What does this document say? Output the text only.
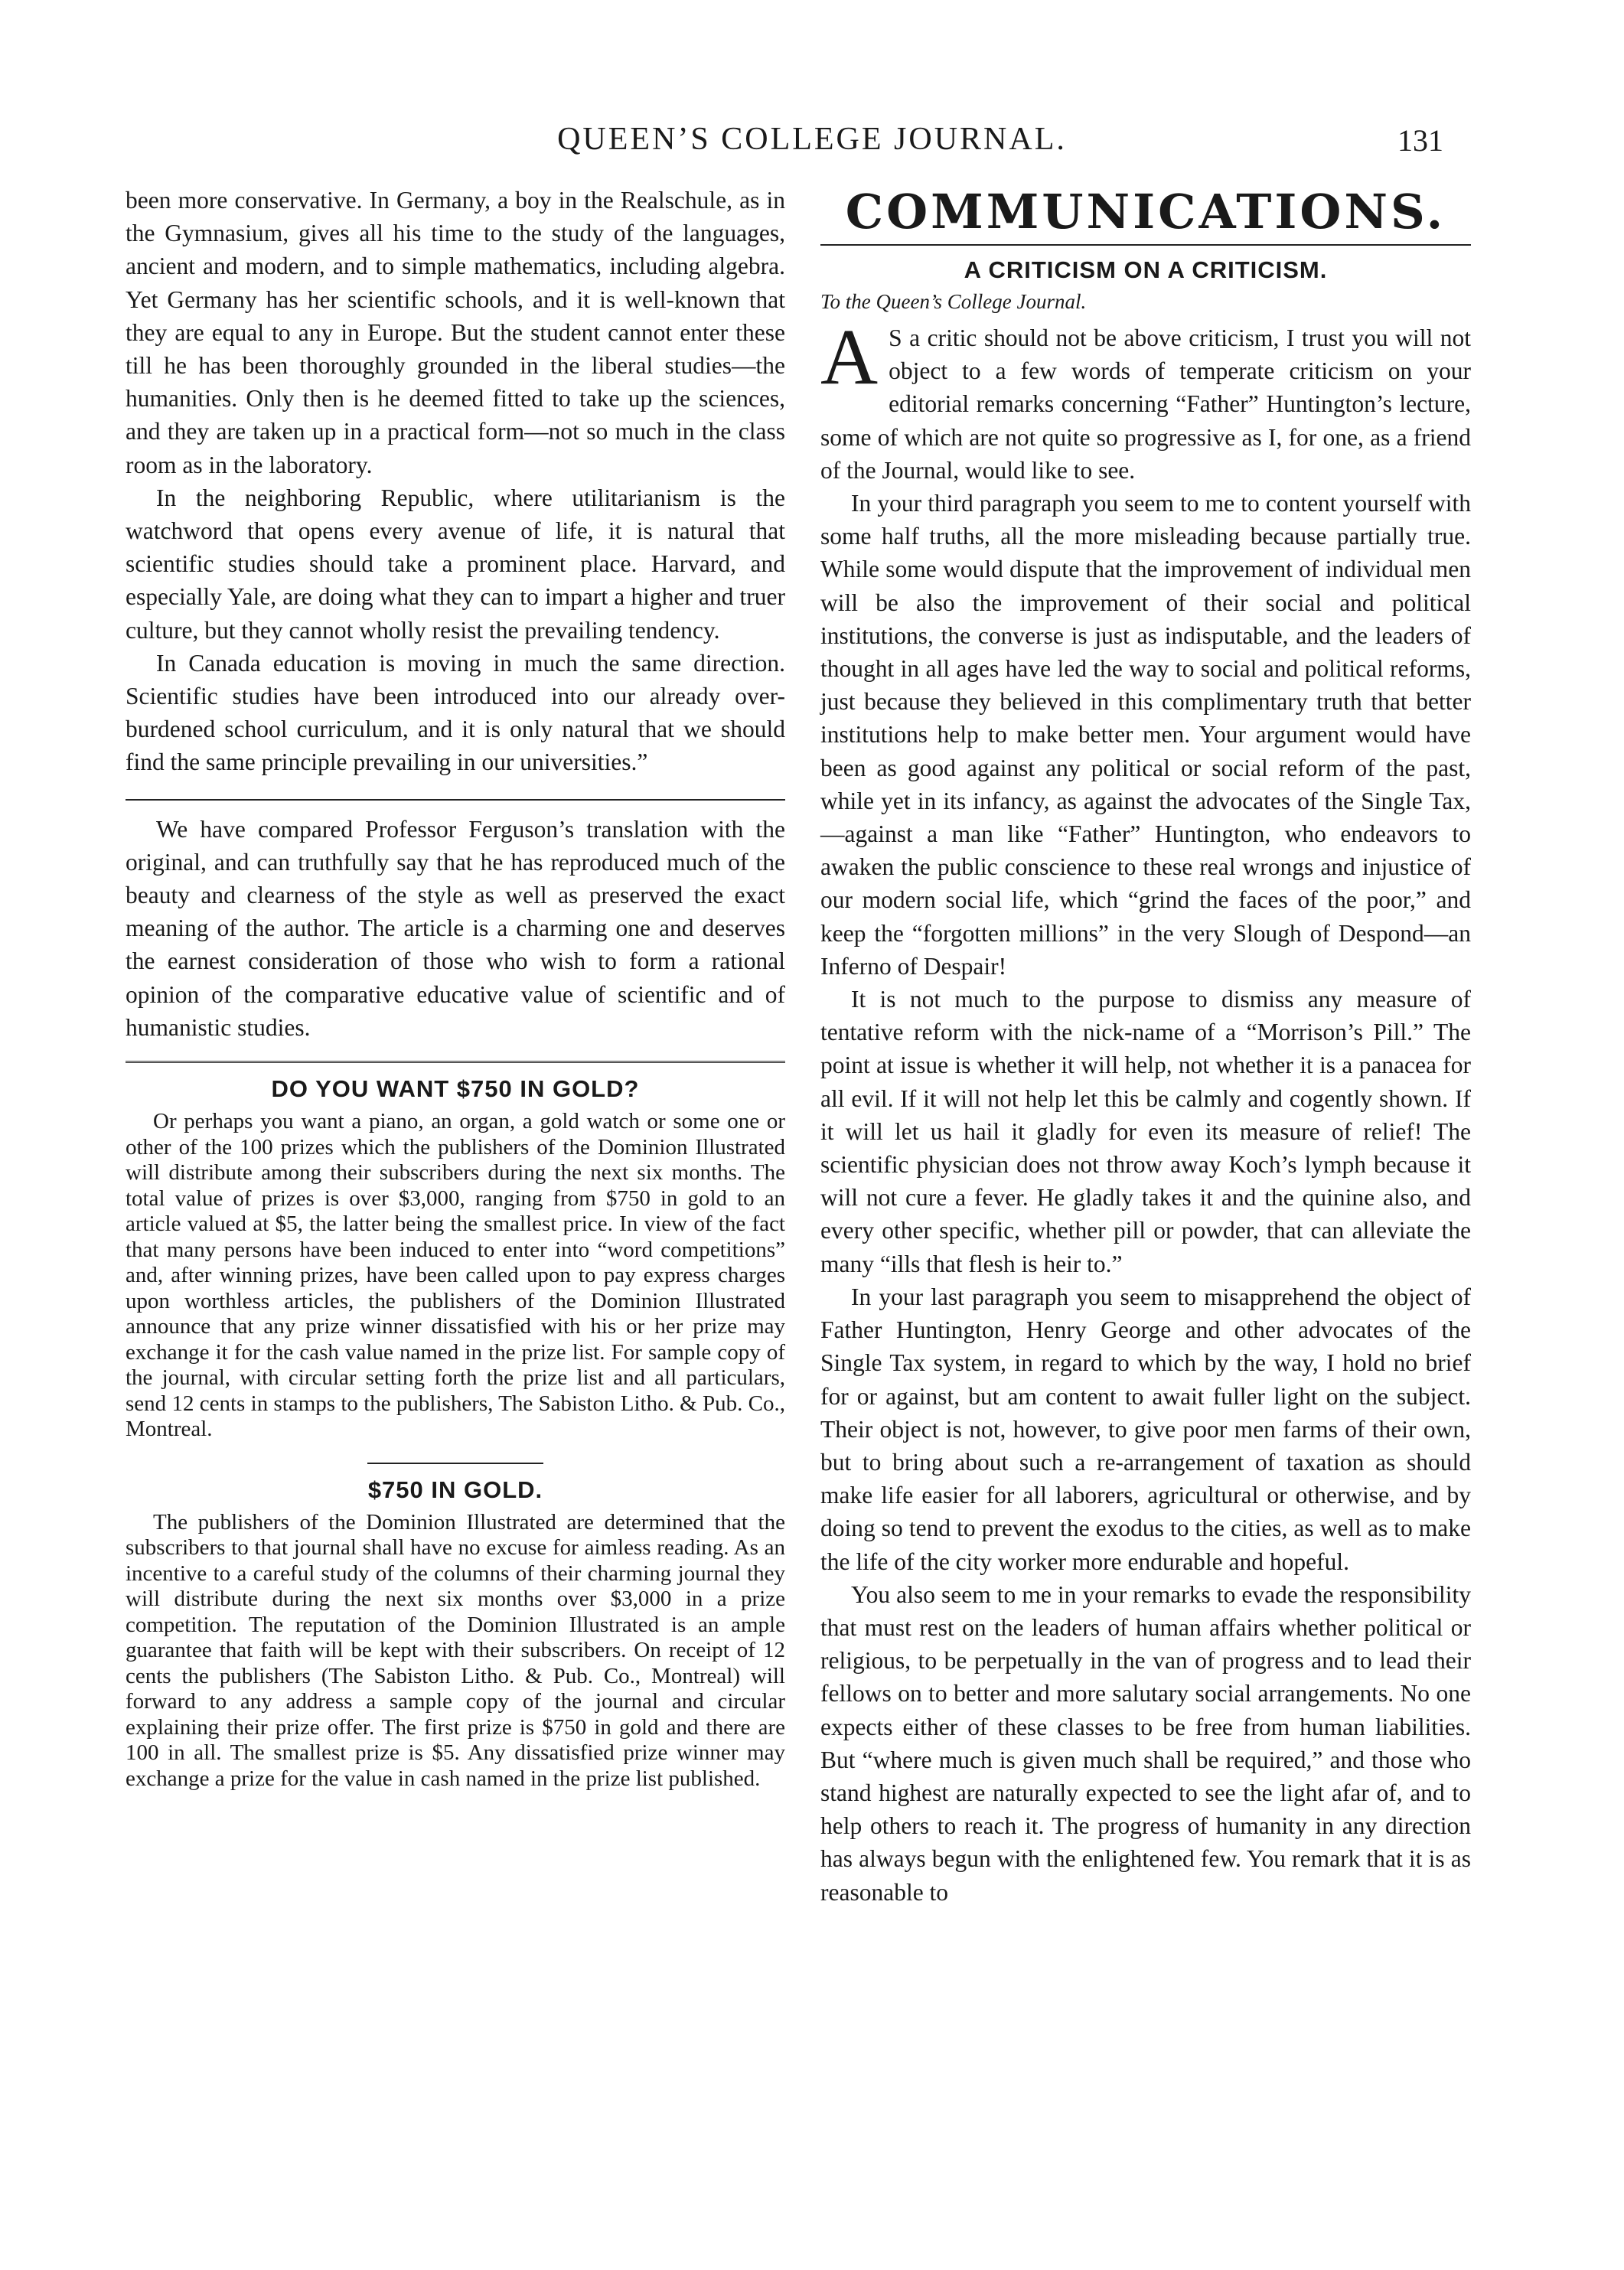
QUEEN’S COLLEGE JOURNAL.	131

been more conservative. In Germany, a boy in the Realschule, as in the Gymnasium, gives all his time to the study of the languages, ancient and modern, and to simple mathematics, including algebra. Yet Germany has her scientific schools, and it is well-known that they are equal to any in Europe. But the student cannot enter these till he has been thoroughly grounded in the liberal studies—the humanities. Only then is he deemed fitted to take up the sciences, and they are taken up in a practical form—not so much in the class room as in the laboratory.

In the neighboring Republic, where utilitarianism is the watchword that opens every avenue of life, it is natural that scientific studies should take a prominent place. Harvard, and especially Yale, are doing what they can to impart a higher and truer culture, but they cannot wholly resist the prevailing tendency.

In Canada education is moving in much the same direction. Scientific studies have been introduced into our already over-burdened school curriculum, and it is only natural that we should find the same principle prevailing in our universities.”

We have compared Professor Ferguson’s translation with the original, and can truthfully say that he has reproduced much of the beauty and clearness of the style as well as preserved the exact meaning of the author. The article is a charming one and deserves the earnest consideration of those who wish to form a rational opinion of the comparative educative value of scientific and of humanistic studies.

DO YOU WANT $750 IN GOLD?

Or perhaps you want a piano, an organ, a gold watch or some one or other of the 100 prizes which the publishers of the Dominion Illustrated will distribute among their subscribers during the next six months. The total value of prizes is over $3,000, ranging from $750 in gold to an article valued at $5, the latter being the smallest price. In view of the fact that many persons have been induced to enter into “word competitions” and, after winning prizes, have been called upon to pay express charges upon worthless articles, the publishers of the Dominion Illustrated announce that any prize winner dissatisfied with his or her prize may exchange it for the cash value named in the prize list. For sample copy of the journal, with circular setting forth the prize list and all particulars, send 12 cents in stamps to the publishers, The Sabiston Litho. & Pub. Co., Montreal.

$750 IN GOLD.

The publishers of the Dominion Illustrated are determined that the subscribers to that journal shall have no excuse for aimless reading. As an incentive to a careful study of the columns of their charming journal they will distribute during the next six months over $3,000 in a prize competition. The reputation of the Dominion Illustrated is an ample guarantee that faith will be kept with their subscribers. On receipt of 12 cents the publishers (The Sabiston Litho. & Pub. Co., Montreal) will forward to any address a sample copy of the journal and circular explaining their prize offer. The first prize is $750 in gold and there are 100 in all. The smallest prize is $5. Any dissatisfied prize winner may exchange a prize for the value in cash named in the prize list published.

COMMUNICATIONS.
A CRITICISM ON A CRITICISM.
To the Queen’s College Journal.

A S a critic should not be above criticism, I trust you will not object to a few words of temperate criticism on your editorial remarks concerning “Father” Huntington’s lecture, some of which are not quite so progressive as I, for one, as a friend of the Journal, would like to see.

In your third paragraph you seem to me to content yourself with some half truths, all the more misleading because partially true. While some would dispute that the improvement of individual men will be also the improvement of their social and political institutions, the converse is just as indisputable, and the leaders of thought in all ages have led the way to social and political reforms, just because they believed in this complimentary truth that better institutions help to make better men. Your argument would have been as good against any political or social reform of the past, while yet in its infancy, as against the advocates of the Single Tax,—against a man like “Father” Huntington, who endeavors to awaken the public conscience to these real wrongs and injustice of our modern social life, which “grind the faces of the poor,” and keep the “forgotten millions” in the very Slough of Despond—an Inferno of Despair!

It is not much to the purpose to dismiss any measure of tentative reform with the nick-name of a “Morrison’s Pill.” The point at issue is whether it will help, not whether it is a panacea for all evil. If it will not help let this be calmly and cogently shown. If it will let us hail it gladly for even its measure of relief! The scientific physician does not throw away Koch’s lymph because it will not cure a fever. He gladly takes it and the quinine also, and every other specific, whether pill or powder, that can alleviate the many “ills that flesh is heir to.”

In your last paragraph you seem to misapprehend the object of Father Huntington, Henry George and other advocates of the Single Tax system, in regard to which by the way, I hold no brief for or against, but am content to await fuller light on the subject. Their object is not, however, to give poor men farms of their own, but to bring about such a re-arrangement of taxation as should make life easier for all laborers, agricultural or otherwise, and by doing so tend to prevent the exodus to the cities, as well as to make the life of the city worker more endurable and hopeful.

You also seem to me in your remarks to evade the responsibility that must rest on the leaders of human affairs whether political or religious, to be perpetually in the van of progress and to lead their fellows on to better and more salutary social arrangements. No one expects either of these classes to be free from human liabilities. But “where much is given much shall be required,” and those who stand highest are naturally expected to see the light afar of, and to help others to reach it. The progress of humanity in any direction has always begun with the enlightened few. You remark that it is as reasonable to
